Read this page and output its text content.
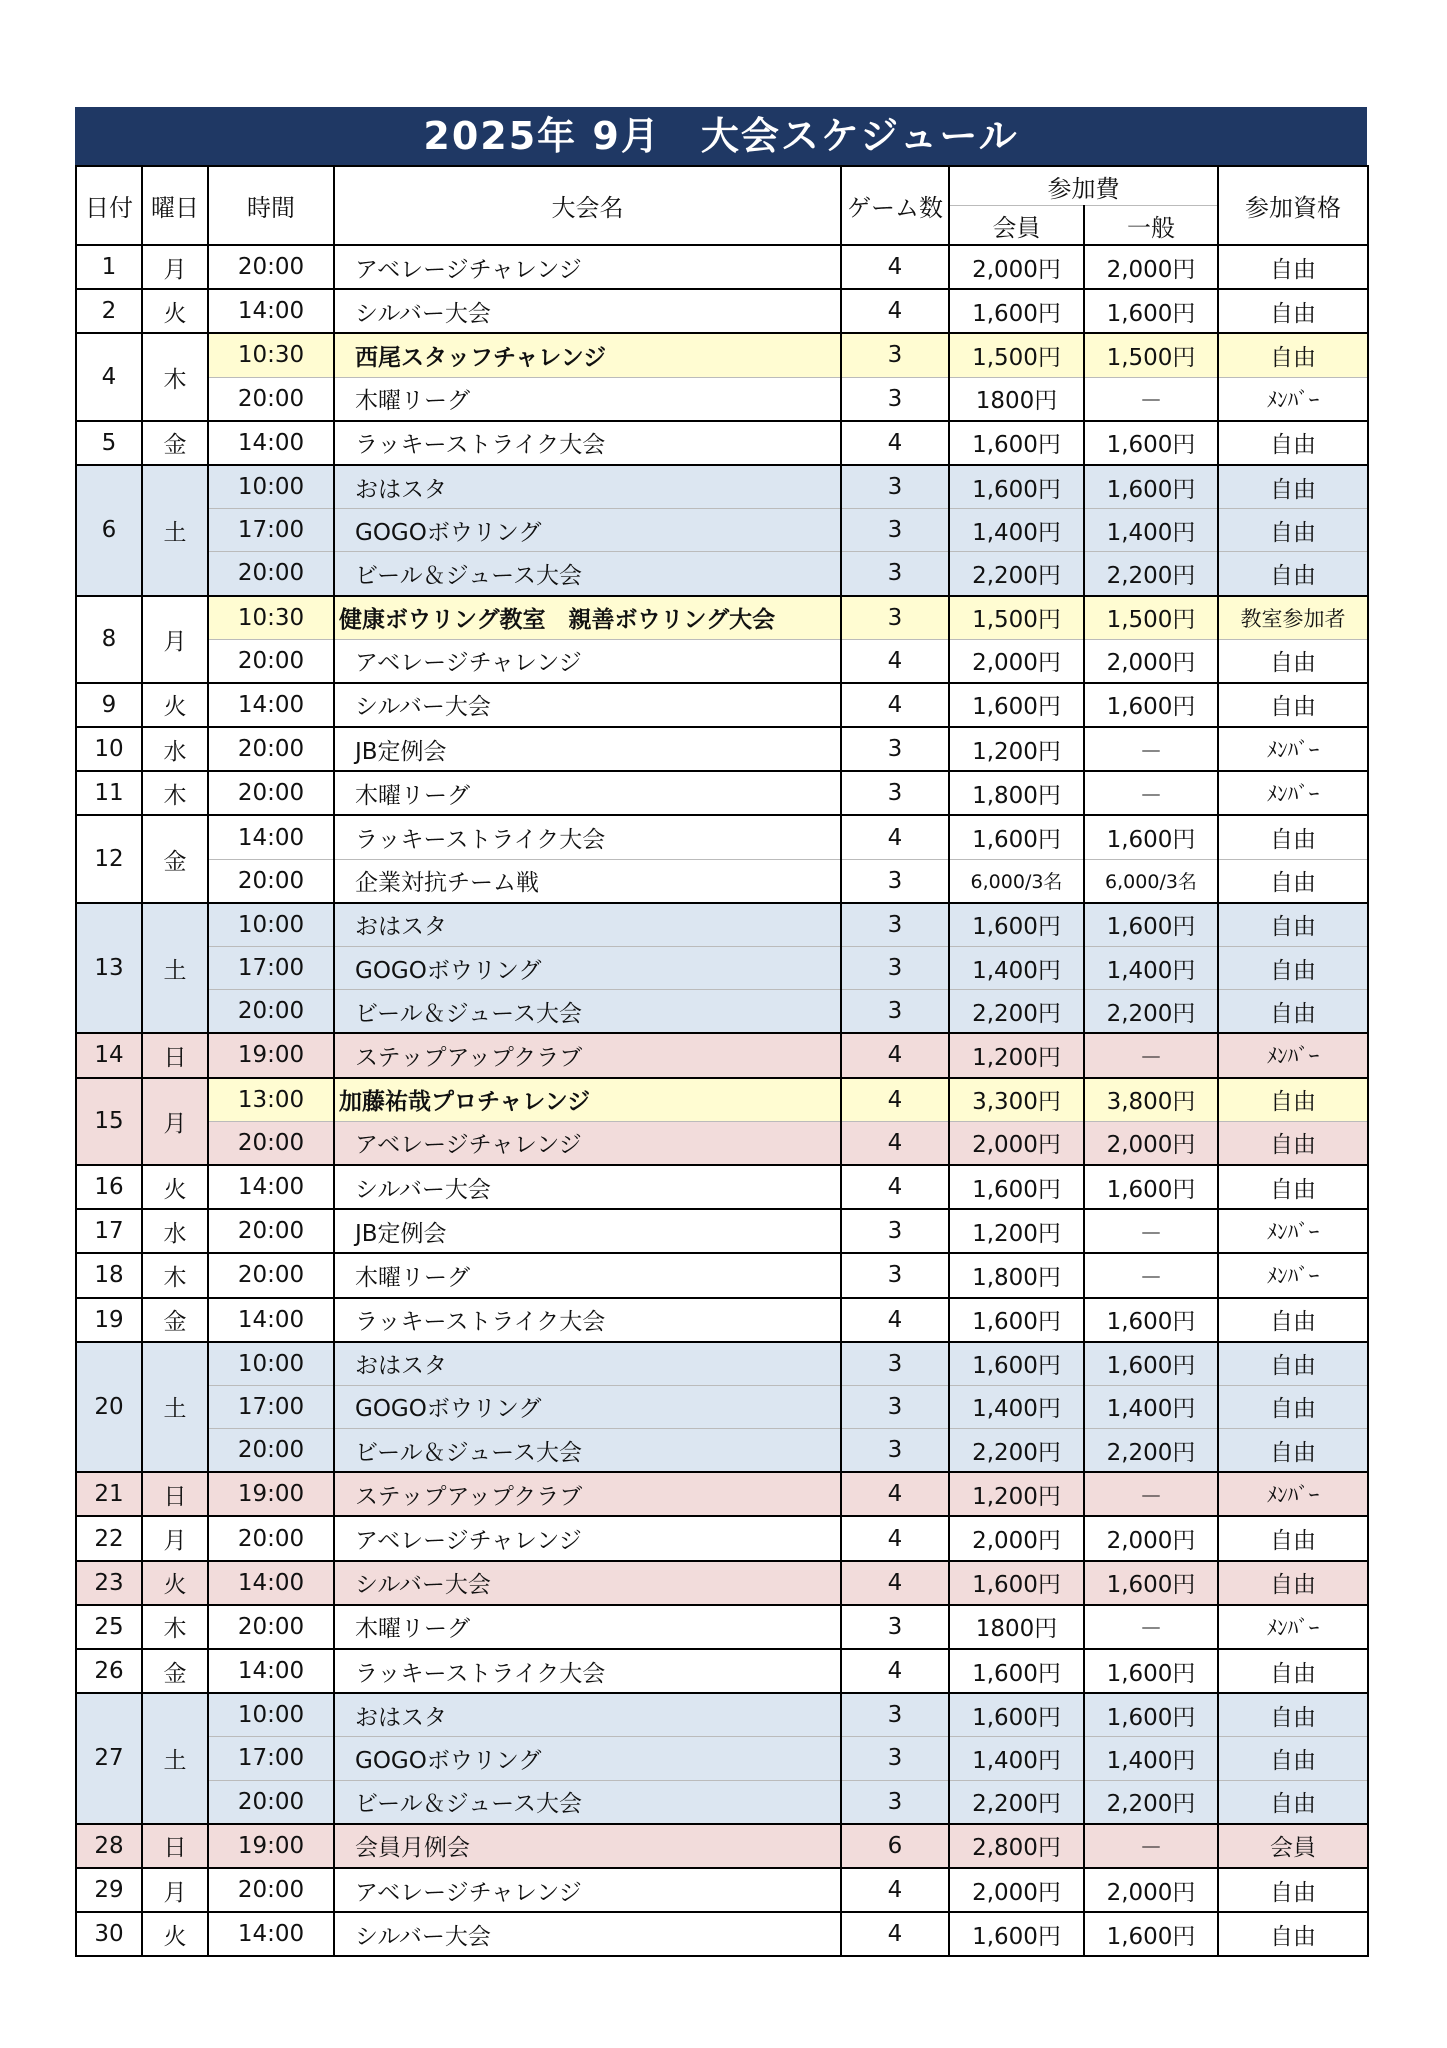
2025年 9月　大会スケジュール
日付	曜日	時間	大会名	ゲーム数	参加費		参加資格
					会員	一般	
1	月	20:00	アベレージチャレンジ	4	2,000円	2,000円	自由
2	火	14:00	シルバー大会	4	1,600円	1,600円	自由
4	木	10:30	西尾スタッフチャレンジ	3	1,500円	1,500円	自由
		20:00	木曜リーグ	3	1800円	－	ﾒﾝﾊﾞｰ
5	金	14:00	ラッキーストライク大会	4	1,600円	1,600円	自由
6	土	10:00	おはスタ	3	1,600円	1,600円	自由
		17:00	GOGOボウリング	3	1,400円	1,400円	自由
		20:00	ビール＆ジュース大会	3	2,200円	2,200円	自由
8	月	10:30	健康ボウリング教室　親善ボウリング大会	3	1,500円	1,500円	教室参加者
		20:00	アベレージチャレンジ	4	2,000円	2,000円	自由
9	火	14:00	シルバー大会	4	1,600円	1,600円	自由
10	水	20:00	JB定例会	3	1,200円	－	ﾒﾝﾊﾞｰ
11	木	20:00	木曜リーグ	3	1,800円	－	ﾒﾝﾊﾞｰ
12	金	14:00	ラッキーストライク大会	4	1,600円	1,600円	自由
		20:00	企業対抗チーム戦	3	6,000/3名	6,000/3名	自由
13	土	10:00	おはスタ	3	1,600円	1,600円	自由
		17:00	GOGOボウリング	3	1,400円	1,400円	自由
		20:00	ビール＆ジュース大会	3	2,200円	2,200円	自由
14	日	19:00	ステップアップクラブ	4	1,200円	－	ﾒﾝﾊﾞｰ
15	月	13:00	加藤祐哉プロチャレンジ	4	3,300円	3,800円	自由
		20:00	アベレージチャレンジ	4	2,000円	2,000円	自由
16	火	14:00	シルバー大会	4	1,600円	1,600円	自由
17	水	20:00	JB定例会	3	1,200円	－	ﾒﾝﾊﾞｰ
18	木	20:00	木曜リーグ	3	1,800円	－	ﾒﾝﾊﾞｰ
19	金	14:00	ラッキーストライク大会	4	1,600円	1,600円	自由
20	土	10:00	おはスタ	3	1,600円	1,600円	自由
		17:00	GOGOボウリング	3	1,400円	1,400円	自由
		20:00	ビール＆ジュース大会	3	2,200円	2,200円	自由
21	日	19:00	ステップアップクラブ	4	1,200円	－	ﾒﾝﾊﾞｰ
22	月	20:00	アベレージチャレンジ	4	2,000円	2,000円	自由
23	火	14:00	シルバー大会	4	1,600円	1,600円	自由
25	木	20:00	木曜リーグ	3	1800円	－	ﾒﾝﾊﾞｰ
26	金	14:00	ラッキーストライク大会	4	1,600円	1,600円	自由
27	土	10:00	おはスタ	3	1,600円	1,600円	自由
		17:00	GOGOボウリング	3	1,400円	1,400円	自由
		20:00	ビール＆ジュース大会	3	2,200円	2,200円	自由
28	日	19:00	会員月例会	6	2,800円	－	会員
29	月	20:00	アベレージチャレンジ	4	2,000円	2,000円	自由
30	火	14:00	シルバー大会	4	1,600円	1,600円	自由
